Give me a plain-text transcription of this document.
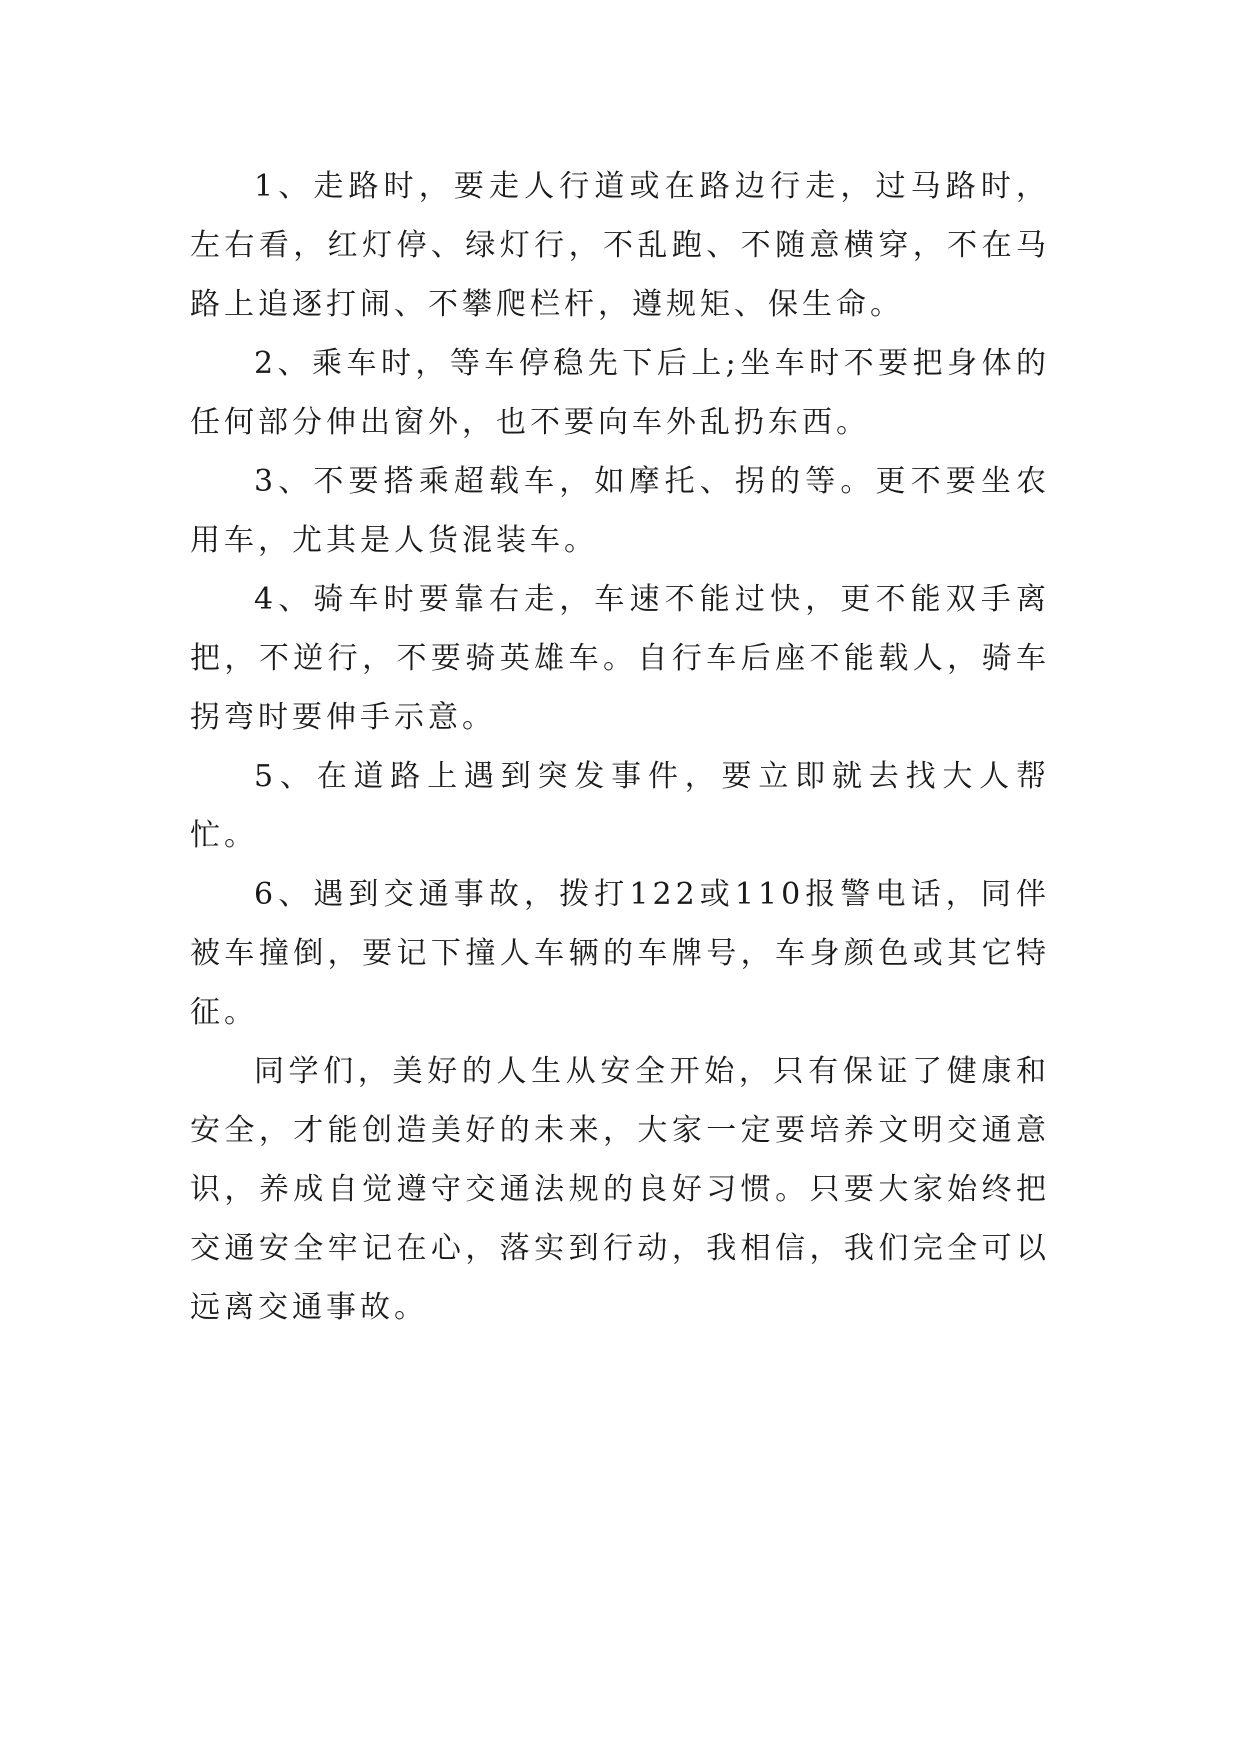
1、走路时，要走人行道或在路边行走，过马路时，左右看，红灯停、绿灯行，不乱跑、不随意横穿，不在马路上追逐打闹、不攀爬栏杆，遵规矩、保生命。

2、乘车时，等车停稳先下后上;坐车时不要把身体的任何部分伸出窗外，也不要向车外乱扔东西。

3、不要搭乘超载车，如摩托、拐的等。更不要坐农用车，尤其是人货混装车。

4、骑车时要靠右走，车速不能过快，更不能双手离把，不逆行，不要骑英雄车。自行车后座不能载人，骑车拐弯时要伸手示意。

5、在道路上遇到突发事件，要立即就去找大人帮忙。

6、遇到交通事故，拨打122或110报警电话，同伴被车撞倒，要记下撞人车辆的车牌号，车身颜色或其它特征。

同学们，美好的人生从安全开始，只有保证了健康和安全，才能创造美好的未来，大家一定要培养文明交通意识，养成自觉遵守交通法规的良好习惯。只要大家始终把交通安全牢记在心，落实到行动，我相信，我们完全可以远离交通事故。
